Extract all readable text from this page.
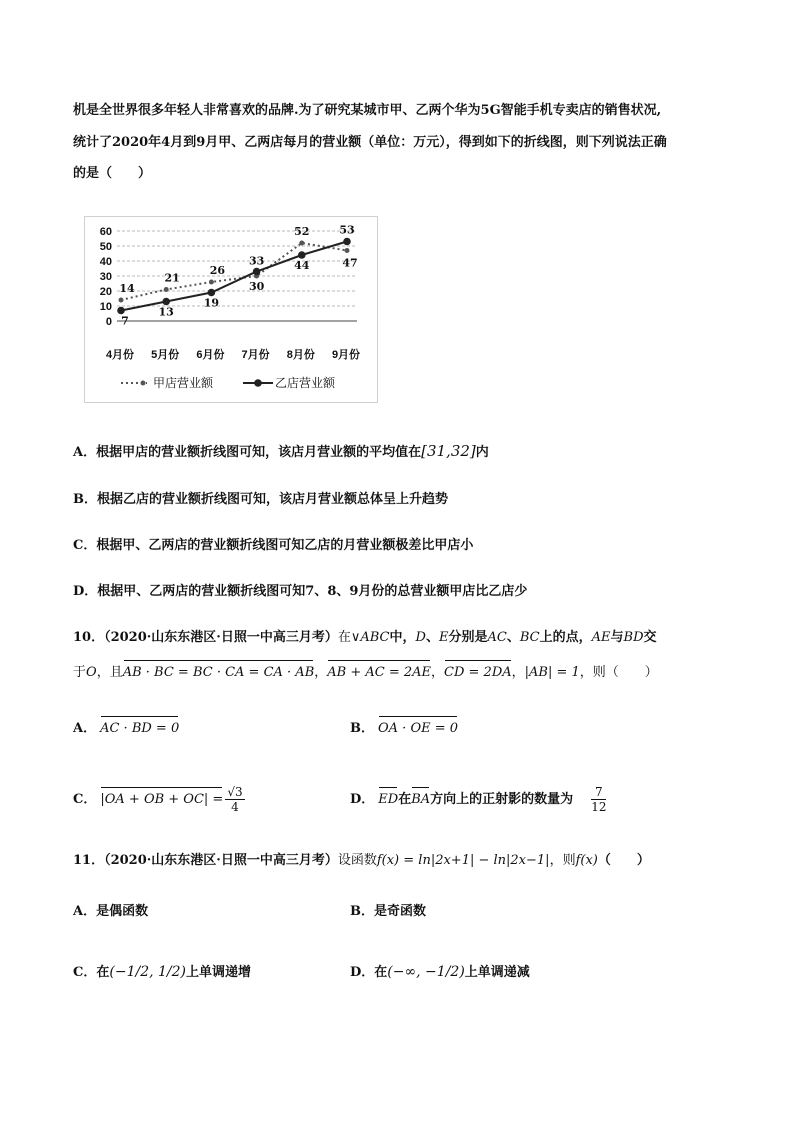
机是全世界很多年轻人非常喜欢的品牌.为了研究某城市甲、乙两个华为5G智能手机专卖店的销售状况,
统计了2020年4月到9月甲、乙两店每月的营业额（单位：万元），得到如下的折线图，则下列说法正确
的是（　　）
0
10
20
30
40
50
60
4月份 5月份 6月份 7月份 8月份 9月份
14
21
26
30
52
47
7
13
19
33	44
53
甲店营业额	乙店营业额
A．根据甲店的营业额折线图可知，该店月营业额的平均值在[31,32]内
B．根据乙店的营业额折线图可知，该店月营业额总体呈上升趋势
C．根据甲、乙两店的营业额折线图可知乙店的月营业额极差比甲店小
D．根据甲、乙两店的营业额折线图可知7、8、9月份的总营业额甲店比乙店少
10．（2020·山东东港区·日照一中高三月考）在∨ABC中，D、E分别是AC、BC上的点，AE与BD交
于O，且AB · BC = BC · CA = CA · AB，AB + AC = 2AE，CD = 2DA，|AB| = 1，则（　　）
A． AC · BD = 0	B． OA · OE = 0
C． |OA + OB + $OC| = \frac{√3}{4}$	D． ED在BA方向上的正射影的数量为 $\frac{7}{12}$
11．（2020·山东东港区·日照一中高三月考）设函数f(x) = ln|2x+1| − ln|2x−1|，则f(x)（　　）
A．是偶函数	B．是奇函数
C．在(−1/2, 1/2)上单调递增	D．在(−∞, −1/2)上单调递减
